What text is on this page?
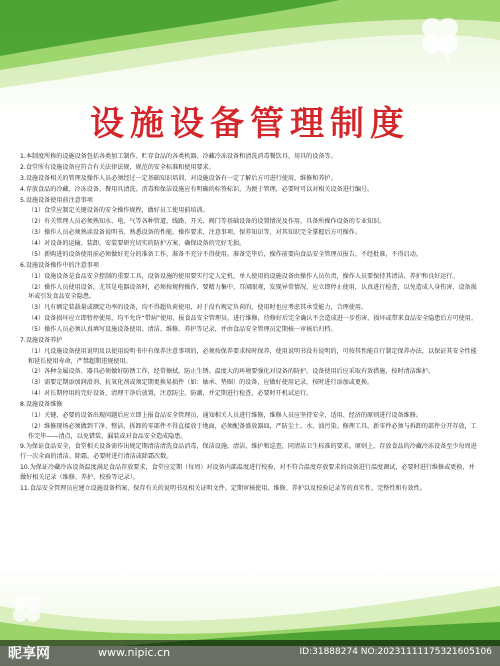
设施设备管理制度

1.本制度所称的设施设备包括各类加工制作、贮存食品的各类机器、冷藏冷冻设备和清洗消毒餐饮具、用具的设备等。

2.食堂所有设施设备应符合有关法律法规、规范的安全标准和使用要求。

3.设施设备相关的管理及操作人员必须经过一定基础知识培训，对设施设备有一定了解后方可进行使用、维修和养护。

4.存放食品的冷藏、冷冻设备，餐用具清洗、消毒和保洁设施应有明确的标签标识，为便于管理，必要时可以对相关设备进行编号。

5.设施设备使用前注意事项

（1）食堂应制定关键设备的安全操作规程，做好员工使用前培训。

（2）有关管理人员必须熟知水、电、气等各种管道、线路、开关、阀门等基础设备的设置情况及作用，具备所操作设备的专业知识。

（3）操作人员必须熟读设备说明书，熟悉设备的性能、操作要求、注意事项、保养知识等，对其知识完全掌握后方可操作。

（4）对设备的运输、装卸、安装要研究切实的防护方案，确保设备的完好无损。

（5）新购进的设备使用前必须做好充分的准备工作，准备不充分不得使用。准备完毕后，操作前要向食品安全管理员报告，不经批准，不得启动。

6.设施设备操作中的注意事项

（1）设施设备是食品安全控制的重要工具，设备设施的使用要实行定人定机，单人使用的设施设备由操作人员负责，操作人员要保持其清洁、养护和良好运行。

（2）操作人员使用设备，尤其是电器设备时，必须按规程操作，要精力集中，耳闻眼观，发现异常情况，应立即停止使用，认真进行检查，以免造成人身伤害、设备损坏或引发食品安全隐患。

（3）凡有额定装载量或额定功率的设备，均不得超负荷使用，对于没有规定负荷的，使用时也应考虑其承受能力，合理使用。

（4）设备损坏应立即暂停使用，均不允许“带病”使用，报食品安全管理员，进行维修，待修好后完全确认不会造成进一步伤害、损坏或带来食品安全隐患后方可使用。

（5）操作人员必须认真填写设施设备使用、清洁、维修、养护等记录，并由食品安全管理员定期核一审核后归档。

7.设施设备养护

（1）凡设施设备使用说明及以使用说明书中有保养注意事项的，必须按保养要求按时保养，使用说明书没有说明的，可按其性能自行制定保养办法，以保证其安全性能和延长使用寿命，严禁超期违规使用。

（2）各种金属设备、器具必须做好防锈工作，经常擦拭，防止生锈。温度大的环境要强化对设备的防护。设备使用后应采取有效措施，按时清洁维护。

（3）需要定期添加润滑剂、抗氧化剂或须定期更换易损件（如：轴承、垫圈）的设备，应做好使用记录，按时进行添加或更换。

（4）对长期停用的完好设备，清理干净后放置，注意防尘、防潮，并定期进行检查，必要时开机试运行。

8.设施设备维修

（1）关键、必要的设备出现问题后应立即上报食品安全管理员，通知相关人员进行维修，维修人员应坚持安全、适用、经济的原则进行设备维修。

（2）维修现场必须做到干净、整洁，拆卸的零部件不得直接放于地面，必须配备盛放器皿，严防尘土、水、油污染。修理工具、新零件必须与拆卸的部件分开存放，工作完毕——清点，以免错装、漏装或对食品安全造成隐患。

9.为保证食品安全，食堂相关设备需作出规定期清洁清洗食品消毒，保洁设施、清洁、维护和巡查，同清洁卫生标准的要求。原则上，存放食品的冷藏冷冻设备至少每周进行一次全面的清洁、除霜，必要时进行清洁或除霜次数。

10.为保证冷藏冷冻设备温度满足食品存放要求，食堂应定期（每周）对设备内部温度进行校验，对不符合温度存放要求的设备进行温度调试，必要时进行维修或更换，并做好相关记录（维修、养护、校验等记录）。

11.食品安全管理员应建立设施设备档案，保存有关的说明书及相关证明文件。定期审核使用、维修、养护以及校验记录等的真实性、完整性和有效性。

昵享网	www.nipic.cn	ID:31888274 NO:20231111175321605106
